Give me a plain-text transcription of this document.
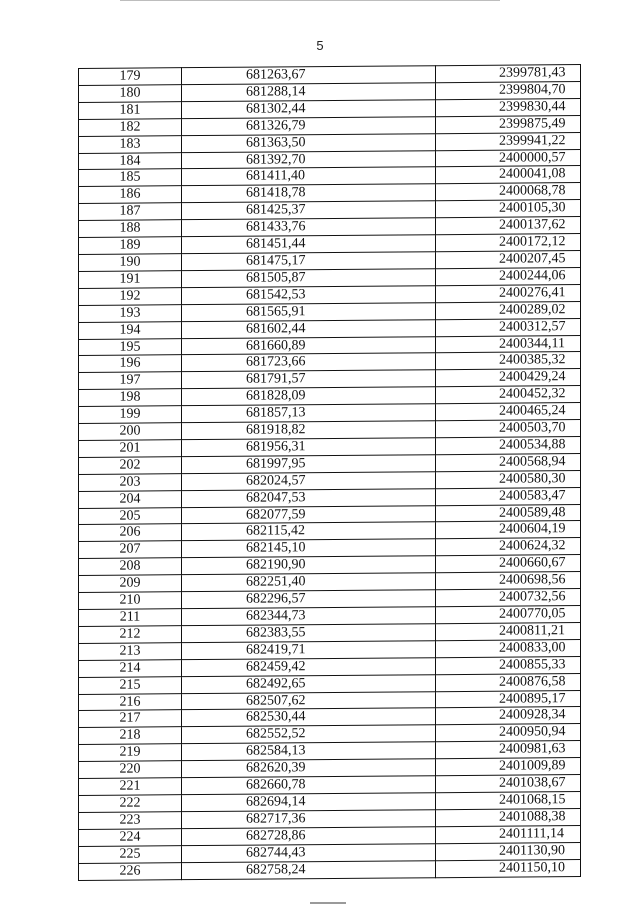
5
179	681263,67	2399781,43
180	681288,14	2399804,70
181	681302,44	2399830,44
182	681326,79	2399875,49
183	681363,50	2399941,22
184	681392,70	2400000,57
185	681411,40	2400041,08
186	681418,78	2400068,78
187	681425,37	2400105,30
188	681433,76	2400137,62
189	681451,44	2400172,12
190	681475,17	2400207,45
191	681505,87	2400244,06
192	681542,53	2400276,41
193	681565,91	2400289,02
194	681602,44	2400312,57
195	681660,89	2400344,11
196	681723,66	2400385,32
197	681791,57	2400429,24
198	681828,09	2400452,32
199	681857,13	2400465,24
200	681918,82	2400503,70
201	681956,31	2400534,88
202	681997,95	2400568,94
203	682024,57	2400580,30
204	682047,53	2400583,47
205	682077,59	2400589,48
206	682115,42	2400604,19
207	682145,10	2400624,32
208	682190,90	2400660,67
209	682251,40	2400698,56
210	682296,57	2400732,56
211	682344,73	2400770,05
212	682383,55	2400811,21
213	682419,71	2400833,00
214	682459,42	2400855,33
215	682492,65	2400876,58
216	682507,62	2400895,17
217	682530,44	2400928,34
218	682552,52	2400950,94
219	682584,13	2400981,63
220	682620,39	2401009,89
221	682660,78	2401038,67
222	682694,14	2401068,15
223	682717,36	2401088,38
224	682728,86	2401111,14
225	682744,43	2401130,90
226	682758,24	2401150,10
